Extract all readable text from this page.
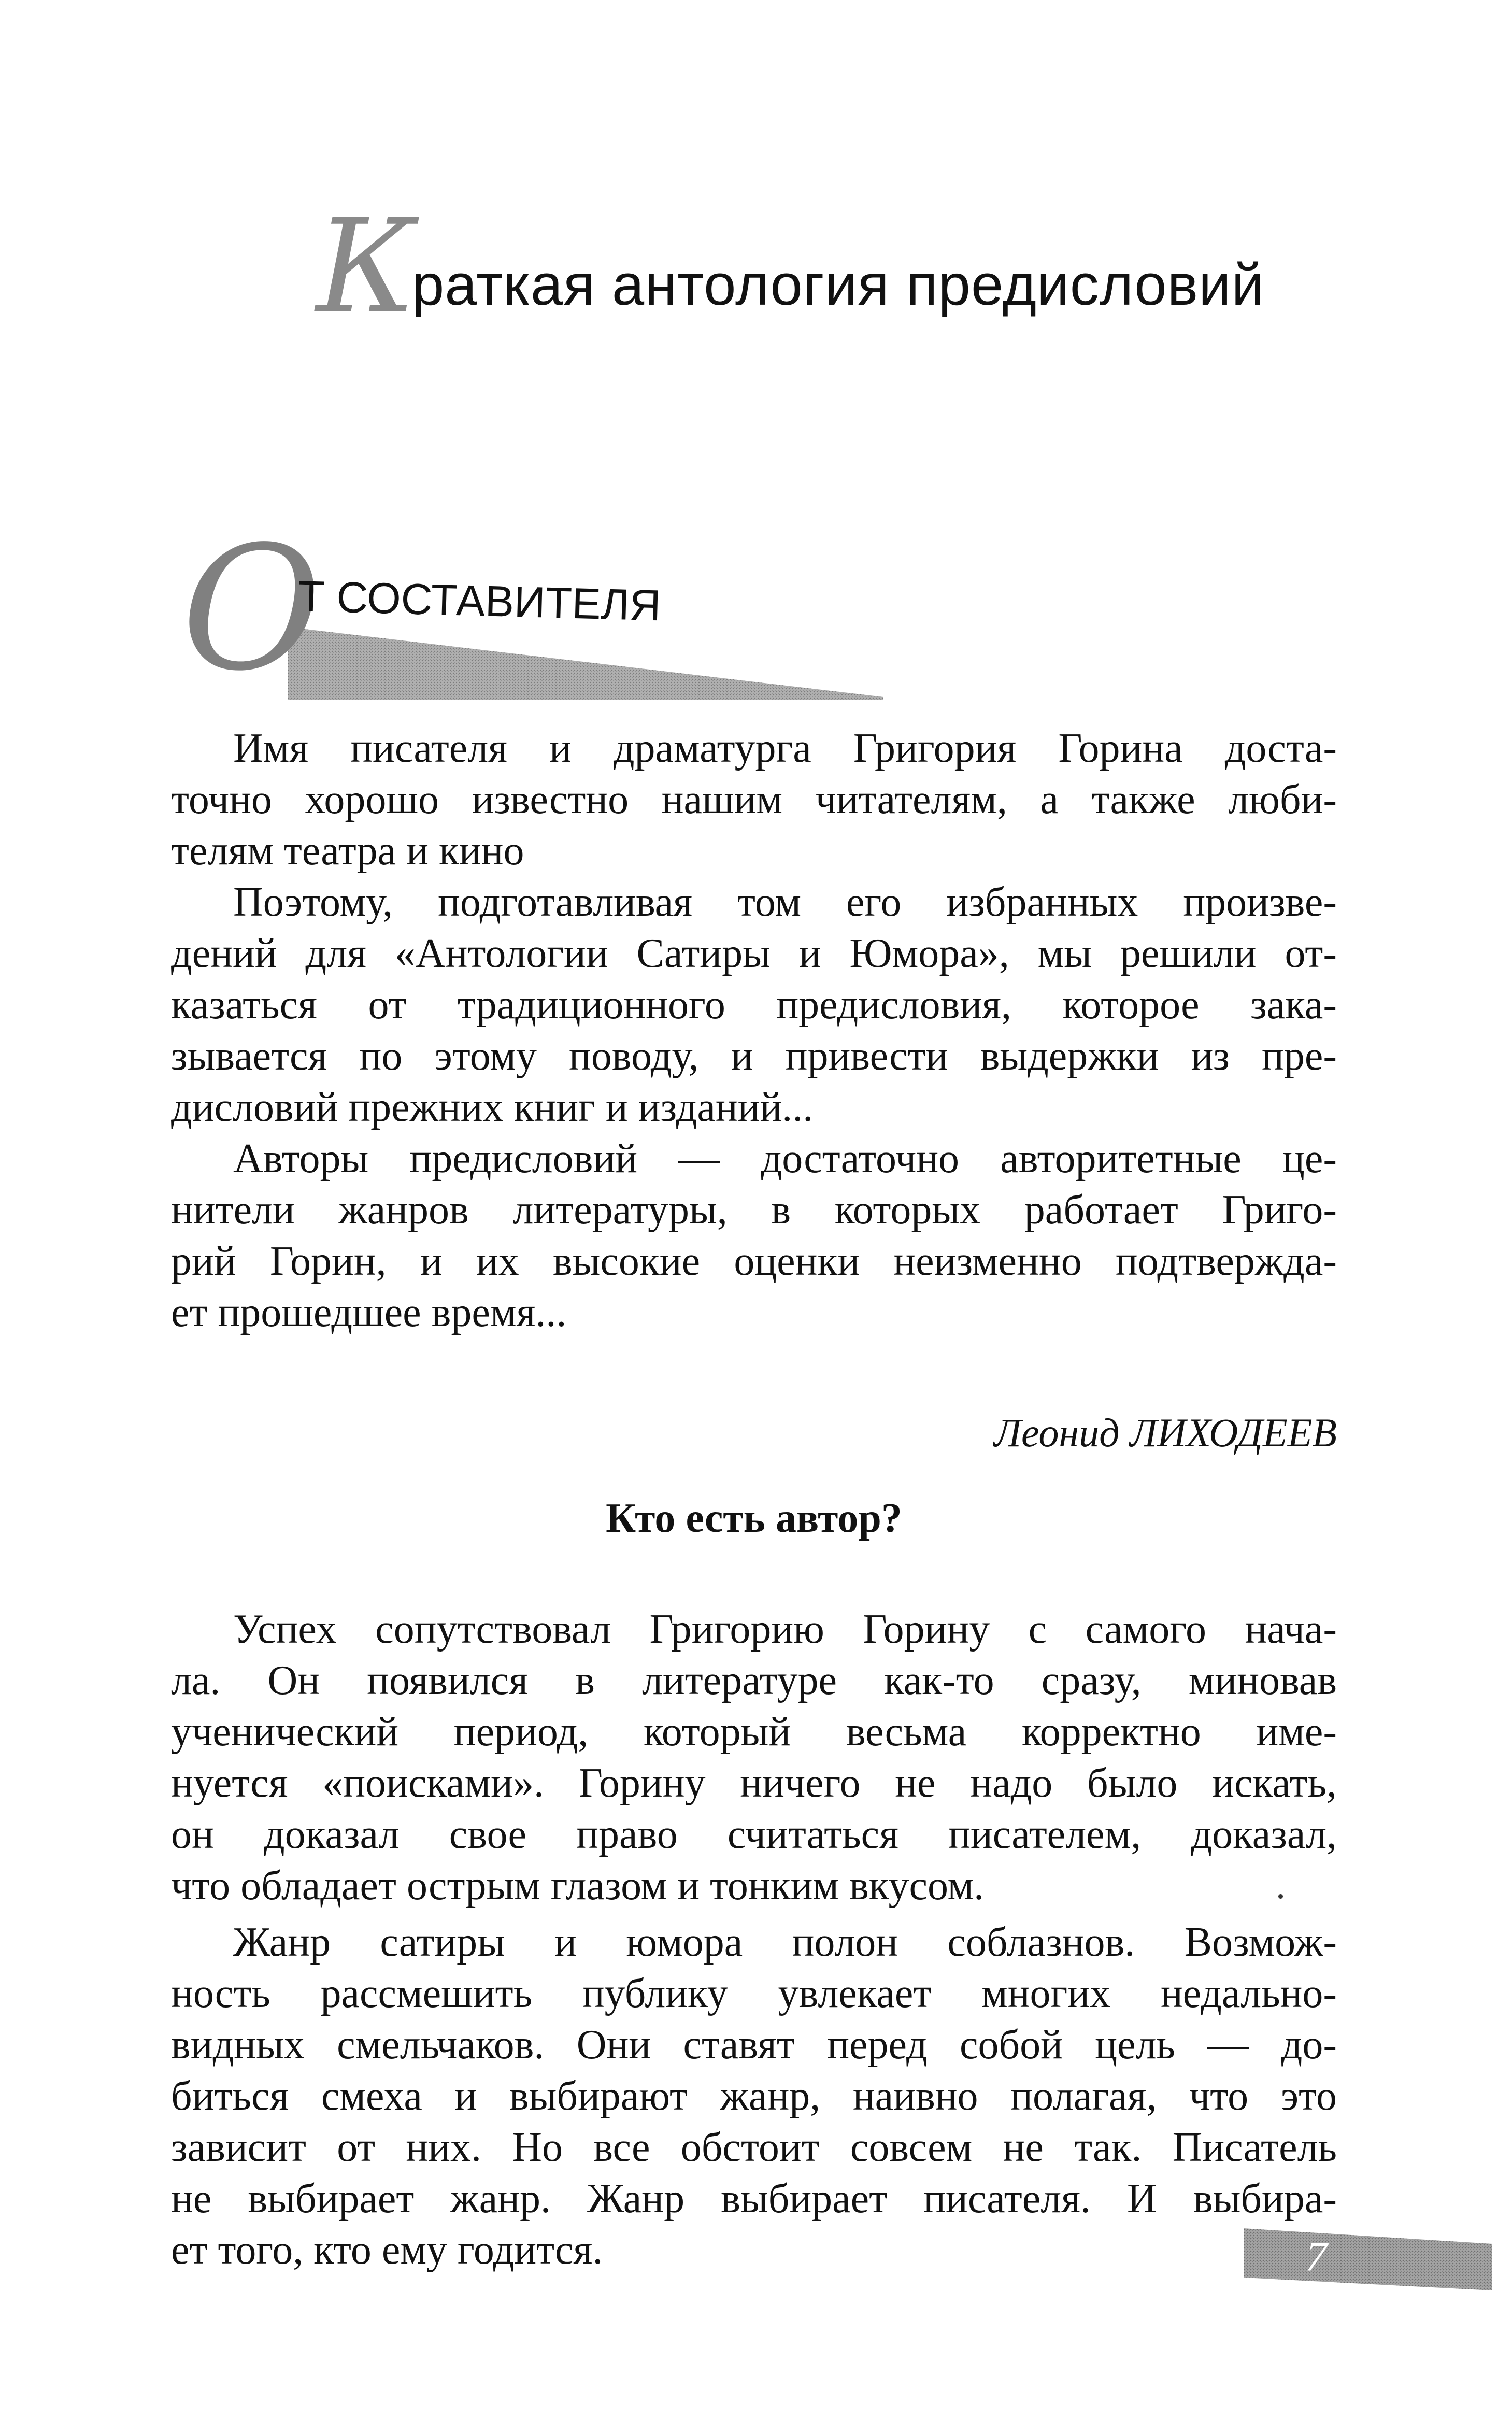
К
раткая антология предисловий
О
Т СОСТАВИТЕЛЯ
Имя писателя и драматурга Григория Горина доста-
точно хорошо известно нашим читателям, а также люби-
телям театра и кино
Поэтому, подготавливая том его избранных произве-
дений для «Антологии Сатиры и Юмора», мы решили от-
казаться от традиционного предисловия, которое зака-
зывается по этому поводу, и привести выдержки из пре-
дисловий прежних книг и изданий...
Авторы предисловий — достаточно авторитетные це-
нители жанров литературы, в которых работает Григо-
рий Горин, и их высокие оценки неизменно подтвержда-
ет прошедшее время...
Леонид ЛИХОДЕЕВ
Кто есть автор?
Успех сопутствовал Григорию Горину с самого нача-
ла. Он появился в литературе как-то сразу, миновав
ученический период, который весьма корректно име-
нуется «поисками». Горину ничего не надо было искать,
он доказал свое право считаться писателем, доказал,
что обладает острым глазом и тонким вкусом.
Жанр сатиры и юмора полон соблазнов. Возмож-
ность рассмешить публику увлекает многих недально-
видных смельчаков. Они ставят перед собой цель — до-
биться смеха и выбирают жанр, наивно полагая, что это
зависит от них. Но все обстоит совсем не так. Писатель
не выбирает жанр. Жанр выбирает писателя. И выбира-
ет того, кто ему годится.	7
